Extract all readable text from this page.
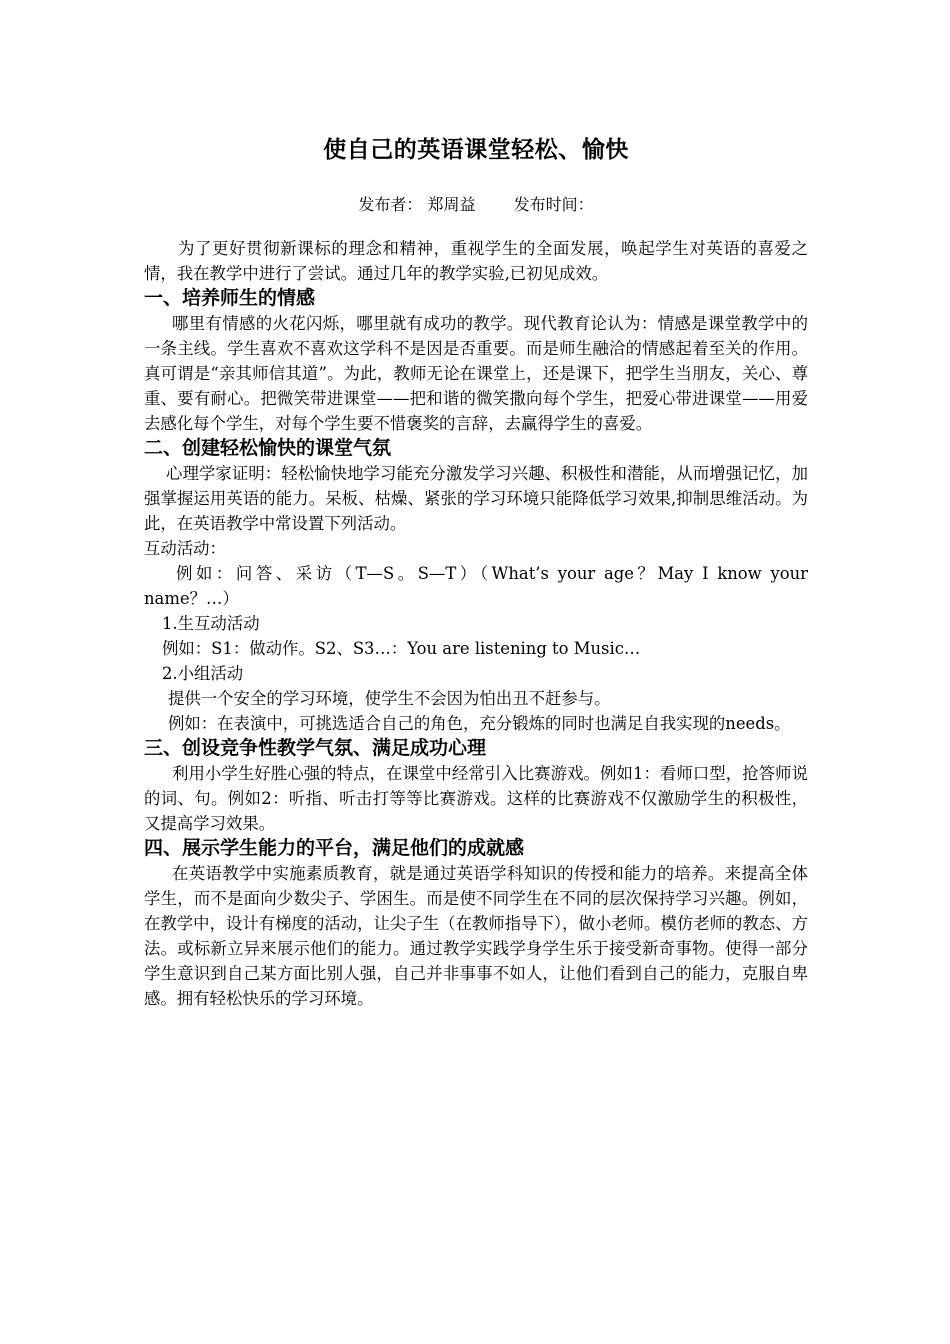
使自己的英语课堂轻松、愉快
发布者： 郑周益 发布时间：

为了更好贯彻新课标的理念和精神，重视学生的全面发展，唤起学生对英语的喜爱之情，我在教学中进行了尝试。通过几年的教学实验,已初见成效。

一、培养师生的情感

哪里有情感的火花闪烁，哪里就有成功的教学。现代教育论认为：情感是课堂教学中的一条主线。学生喜欢不喜欢这学科不是因是否重要。而是师生融洽的情感起着至关的作用。真可谓是“亲其师信其道”。为此，教师无论在课堂上，还是课下，把学生当朋友，关心、尊重、要有耐心。把微笑带进课堂——把和谐的微笑撒向每个学生，把爱心带进课堂——用爱去感化每个学生，对每个学生要不惜褒奖的言辞，去赢得学生的喜爱。

二、创建轻松愉快的课堂气氛

心理学家证明：轻松愉快地学习能充分激发学习兴趣、积极性和潜能，从而增强记忆，加强掌握运用英语的能力。呆板、枯燥、紧张的学习环境只能降低学习效果,抑制思维活动。为此，在英语教学中常设置下列活动。

互动活动：

例如：问答、采访（T—S。S—T）（What’s your age？May I know your name？…）

1.生互动活动

例如：S1：做动作。S2、S3…：You are listening to Music…

2.小组活动

提供一个安全的学习环境，使学生不会因为怕出丑不赶参与。

例如：在表演中，可挑选适合自己的角色，充分锻炼的同时也满足自我实现的needs。

三、创设竞争性教学气氛、满足成功心理

利用小学生好胜心强的特点，在课堂中经常引入比赛游戏。例如1：看师口型，抢答师说的词、句。例如2：听指、听击打等等比赛游戏。这样的比赛游戏不仅激励学生的积极性，又提高学习效果。

四、展示学生能力的平台，满足他们的成就感

在英语教学中实施素质教育，就是通过英语学科知识的传授和能力的培养。来提高全体学生，而不是面向少数尖子、学困生。而是使不同学生在不同的层次保持学习兴趣。例如，在教学中，设计有梯度的活动，让尖子生（在教师指导下），做小老师。模仿老师的教态、方法。或标新立异来展示他们的能力。通过教学实践学身学生乐于接受新奇事物。使得一部分学生意识到自己某方面比别人强，自己并非事事不如人，让他们看到自己的能力，克服自卑感。拥有轻松快乐的学习环境。
